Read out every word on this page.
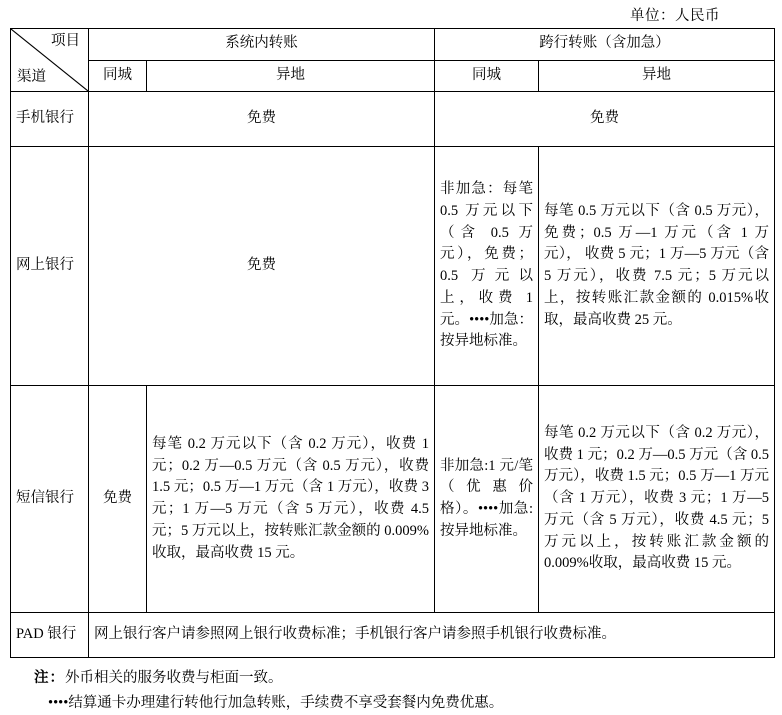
单位：人民币
项目
渠道	系统内转账		跨行转账（含加急）	
	同城	异地	同城	异地
手机银行	免费		免费	
网上银行	免费		非加急：每笔 0.5 万元以下（含 0.5 万元），免费；0.5 万元以上，收费 1 元。••••加急：按异地标准。	每笔 0.5 万元以下（含 0.5 万元），免费；0.5 万—1 万元（含 1 万元）， 收费 5 元；1 万—5 万元（含 5 万元），收费 7.5 元；5 万元以上，按转账汇款金额的 0.015%收取，最高收费 25 元。
短信银行	免费	每笔 0.2 万元以下（含 0.2 万元），收费 1 元；0.2 万—0.5 万元（含 0.5 万元），收费 1.5 元；0.5 万—1 万元（含 1 万元），收费 3 元；1 万—5 万元（含 5 万元），收费 4.5 元；5 万元以上，按转账汇款金额的 0.009%收取，最高收费 15 元。	非加急:1 元/笔（优惠价格）。••••加急:按异地标准。	每笔 0.2 万元以下（含 0.2 万元），收费 1 元；0.2 万—0.5 万元（含 0.5 万元），收费 1.5 元；0.5 万—1 万元（含 1 万元），收费 3 元；1 万—5 万元（含 5 万元），收费 4.5 元；5 万元以上，按转账汇款金额的 0.009%收取，最高收费 15 元。
PAD 银行	网上银行客户请参照网上银行收费标准；手机银行客户请参照手机银行收费标准。			
注：外币相关的服务收费与柜面一致。
••••结算通卡办理建行转他行加急转账，手续费不享受套餐内免费优惠。
